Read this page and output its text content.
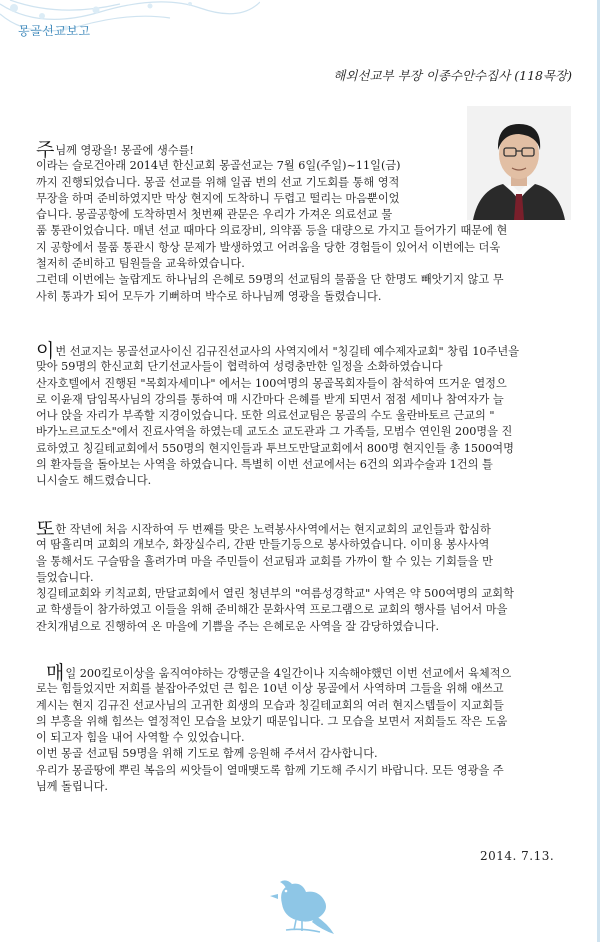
몽골선교보고
해외선교부 부장 이종수안수집사 (118목장)
주님께 영광을! 몽골에 생수를!
이라는 슬로건아래 2014년 한신교회 몽골선교는 7월 6일(주일)~11일(금)
까지 진행되었습니다. 몽골 선교를 위해 일곱 번의 선교 기도회를 통해 영적
무장을 하며 준비하였지만 막상 현지에 도착하니 두렵고 떨리는 마음뿐이었
습니다. 몽골공항에 도착하면서 첫번째 관문은 우리가 가져온 의료선교 물
품 통관이었습니다. 매년 선교 때마다 의료장비, 의약품 등을 대량으로 가지고 들어가기 때문에 현
지 공항에서 물품 통관시 항상 문제가 발생하였고 어려움을 당한 경험들이 있어서 이번에는 더욱
철저히 준비하고 팀원들을 교육하였습니다.
그런데 이번에는 놀랍게도 하나님의 은혜로 59명의 선교팀의 물품을 단 한명도 빼앗기지 않고 무
사히 통과가 되어 모두가 기뻐하며 박수로 하나님께 영광을 돌렸습니다.
이번 선교지는 몽골선교사이신 김규진선교사의 사역지에서 "칭길테 예수제자교회" 창립 10주년을
맞아 59명의 한신교회 단기선교사들이 협력하여 성령충만한 일정을 소화하였습니다
산자호텔에서 진행된 "목회자세미나" 에서는 100여명의 몽골목회자들이 참석하여 뜨거운 열정으
로 이윤재 담임목사님의 강의를 통하여 매 시간마다 은혜를 받게 되면서 점점 세미나 참여자가 늘
어나 앉을 자리가 부족할 지경이었습니다. 또한 의료선교팀은 몽골의 수도 울란바토르 근교의 "
바가노르교도소"에서 진료사역을 하였는데 교도소 교도관과 그 가족들, 모범수 연인원 200명을 진
료하였고 칭길테교회에서 550명의 현지인들과 투브도만달교회에서 800명 현지인들 총 1500여명
의 환자들을 돌아보는 사역을 하였습니다. 특별히 이번 선교에서는 6건의 외과수술과 1건의 틀
니시술도 해드렸습니다.
또한 작년에 처음 시작하여 두 번째를 맞은 노력봉사사역에서는 현지교회의 교인들과 합심하
여 땀흘리며 교회의 개보수, 화장실수리, 간판 만들기등으로 봉사하였습니다. 이미용 봉사사역
을 통해서도 구슬땀을 흘려가며 마을 주민들이 선교팀과 교회를 가까이 할 수 있는 기회들을 만
들었습니다.
칭길테교회와 키칙교회, 만달교회에서 열린 청년부의 "여름성경학교" 사역은 약 500여명의 교회학
교 학생들이 참가하였고 이들을 위해 준비해간 문화사역 프로그램으로 교회의 행사를 넘어서 마을
잔치개념으로 진행하여 온 마을에 기쁨을 주는 은혜로운 사역을 잘 감당하였습니다.
매일 200킬로이상을 움직여야하는 강행군을 4일간이나 지속해야했던 이번 선교에서 육체적으
로는 힘들었지만 저희를 붙잡아주었던 큰 힘은 10년 이상 몽골에서 사역하며 그들을 위해 애쓰고
계시는 현지 김규진 선교사님의 고귀한 희생의 모습과 칭길테교회의 여러 현지스텝들이 지교회들
의 부흥을 위해 힘쓰는 열정적인 모습을 보았기 때문입니다. 그 모습을 보면서 저희들도 작은 도움
이 되고자 힘을 내어 사역할 수 있었습니다.
이번 몽골 선교팀 59명을 위해 기도로 함께 응원해 주셔서 감사합니다.
우리가 몽골땅에 뿌린 복음의 씨앗들이 열매맺도록 함께 기도해 주시기 바랍니다. 모든 영광을 주
님께 돌립니다.
2014. 7.13.
